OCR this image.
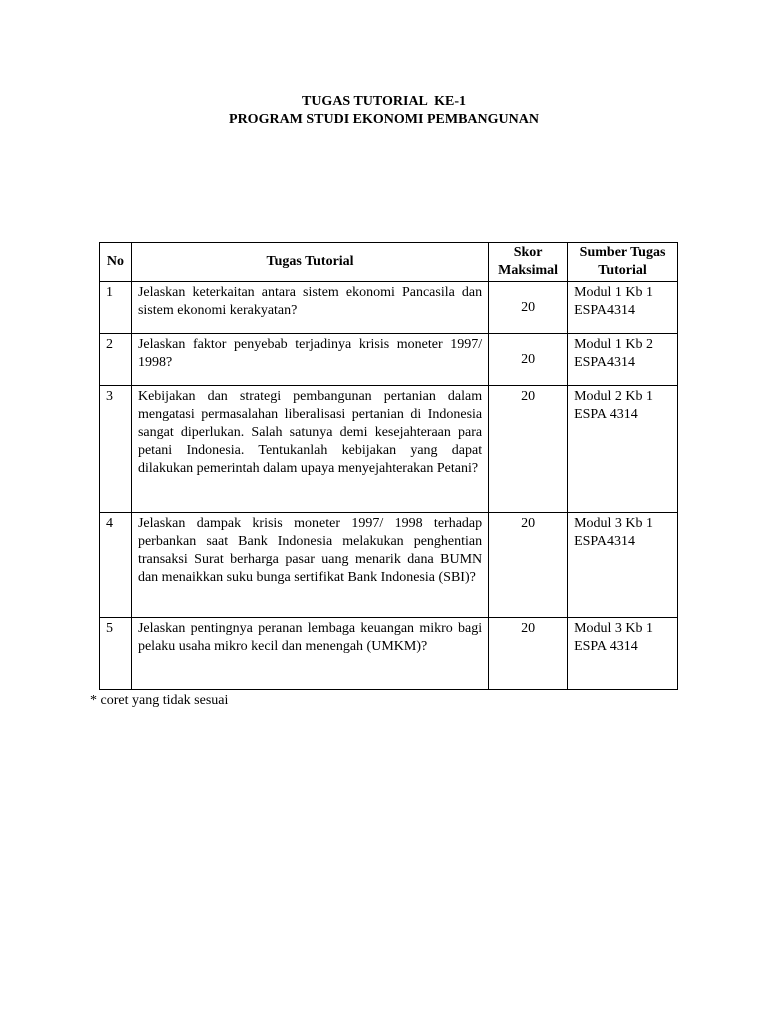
TUGAS TUTORIAL  KE-1
PROGRAM STUDI EKONOMI PEMBANGUNAN
No	Tugas Tutorial	Skor Maksimal	Sumber Tugas Tutorial
1	Jelaskan keterkaitan antara sistem ekonomi Pancasila dan sistem ekonomi kerakyatan?	20	Modul 1 Kb 1
ESPA4314

2	Jelaskan faktor penyebab terjadinya krisis moneter 1997/ 1998?	20	Modul 1 Kb 2
ESPA4314

3	Kebijakan dan strategi pembangunan pertanian dalam mengatasi permasalahan liberalisasi pertanian di Indonesia sangat diperlukan. Salah satunya demi kesejahteraan para petani Indonesia. Tentukanlah kebijakan yang dapat dilakukan pemerintah dalam upaya menyejahterakan Petani?	20	Modul 2 Kb 1
ESPA 4314

4	Jelaskan dampak krisis moneter 1997/ 1998 terhadap perbankan saat Bank Indonesia melakukan penghentian transaksi Surat berharga pasar uang menarik dana BUMN dan menaikkan suku bunga sertifikat Bank Indonesia (SBI)?	20	Modul 3 Kb 1
ESPA4314

5	Jelaskan pentingnya peranan lembaga keuangan mikro bagi pelaku usaha mikro kecil dan menengah (UMKM)?	20	Modul 3 Kb 1
ESPA 4314
* coret yang tidak sesuai
